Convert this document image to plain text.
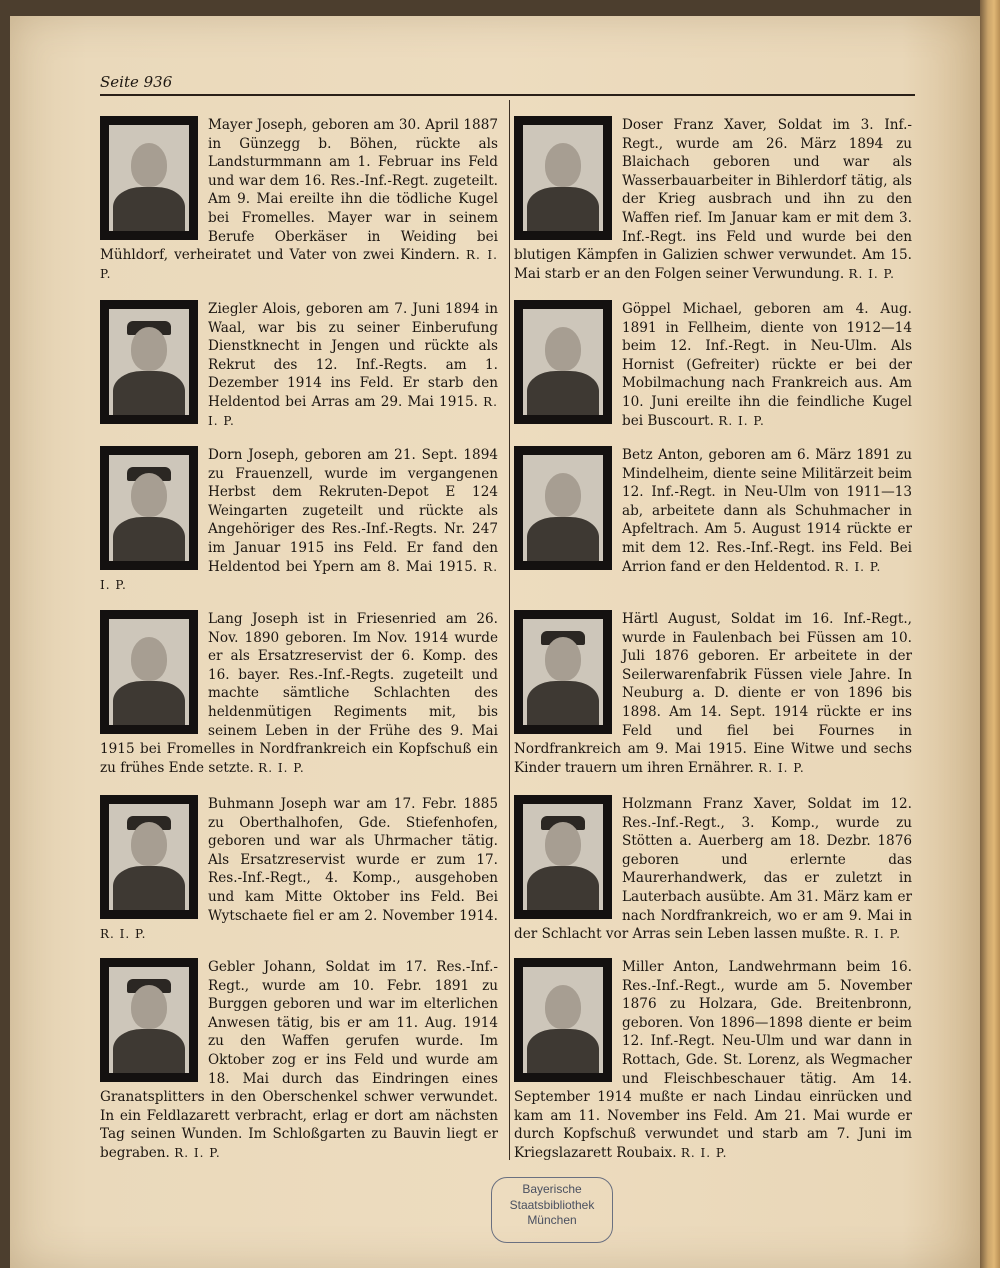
Seite 936
Mayer Joseph, geboren am 30. April 1887 in Günzegg b. Böhen, rückte als Landsturmmann am 1. Februar ins Feld und war dem 16. Res.-Inf.-Regt. zugeteilt. Am 9. Mai ereilte ihn die tödliche Kugel bei Fromelles. Mayer war in seinem Berufe Oberkäser in Weiding bei Mühldorf, verheiratet und Vater von zwei Kindern. R. I. P.
Ziegler Alois, geboren am 7. Juni 1894 in Waal, war bis zu seiner Einberufung Dienstknecht in Jengen und rückte als Rekrut des 12. Inf.-Regts. am 1. Dezember 1914 ins Feld. Er starb den Heldentod bei Arras am 29. Mai 1915. R. I. P.
Dorn Joseph, geboren am 21. Sept. 1894 zu Frauenzell, wurde im vergangenen Herbst dem Rekruten-Depot E 124 Weingarten zugeteilt und rückte als Angehöriger des Res.-Inf.-Regts. Nr. 247 im Januar 1915 ins Feld. Er fand den Heldentod bei Ypern am 8. Mai 1915. R. I. P.
Lang Joseph ist in Friesenried am 26. Nov. 1890 geboren. Im Nov. 1914 wurde er als Ersatzreservist der 6. Komp. des 16. bayer. Res.-Inf.-Regts. zugeteilt und machte sämtliche Schlachten des heldenmütigen Regiments mit, bis seinem Leben in der Frühe des 9. Mai 1915 bei Fromelles in Nordfrankreich ein Kopfschuß ein zu frühes Ende setzte. R. I. P.
Buhmann Joseph war am 17. Febr. 1885 zu Oberthalhofen, Gde. Stiefenhofen, geboren und war als Uhrmacher tätig. Als Ersatzreservist wurde er zum 17. Res.-Inf.-Regt., 4. Komp., ausgehoben und kam Mitte Oktober ins Feld. Bei Wytschaete fiel er am 2. November 1914. R. I. P.
Gebler Johann, Soldat im 17. Res.-Inf.-Regt., wurde am 10. Febr. 1891 zu Burggen geboren und war im elterlichen Anwesen tätig, bis er am 11. Aug. 1914 zu den Waffen gerufen wurde. Im Oktober zog er ins Feld und wurde am 18. Mai durch das Eindringen eines Granatsplitters in den Oberschenkel schwer verwundet. In ein Feldlazarett verbracht, erlag er dort am nächsten Tag seinen Wunden. Im Schloßgarten zu Bauvin liegt er begraben. R. I. P.
Doser Franz Xaver, Soldat im 3. Inf.-Regt., wurde am 26. März 1894 zu Blaichach geboren und war als Wasserbauarbeiter in Bihlerdorf tätig, als der Krieg ausbrach und ihn zu den Waffen rief. Im Januar kam er mit dem 3. Inf.-Regt. ins Feld und wurde bei den blutigen Kämpfen in Galizien schwer verwundet. Am 15. Mai starb er an den Folgen seiner Verwundung. R. I. P.
Göppel Michael, geboren am 4. Aug. 1891 in Fellheim, diente von 1912—14 beim 12. Inf.-Regt. in Neu-Ulm. Als Hornist (Gefreiter) rückte er bei der Mobilmachung nach Frankreich aus. Am 10. Juni ereilte ihn die feindliche Kugel bei Buscourt. R. I. P.
Betz Anton, geboren am 6. März 1891 zu Mindelheim, diente seine Militärzeit beim 12. Inf.-Regt. in Neu-Ulm von 1911—13 ab, arbeitete dann als Schuhmacher in Apfeltrach. Am 5. August 1914 rückte er mit dem 12. Res.-Inf.-Regt. ins Feld. Bei Arrion fand er den Heldentod. R. I. P.
Härtl August, Soldat im 16. Inf.-Regt., wurde in Faulenbach bei Füssen am 10. Juli 1876 geboren. Er arbeitete in der Seilerwarenfabrik Füssen viele Jahre. In Neuburg a. D. diente er von 1896 bis 1898. Am 14. Sept. 1914 rückte er ins Feld und fiel bei Fournes in Nordfrankreich am 9. Mai 1915. Eine Witwe und sechs Kinder trauern um ihren Ernährer. R. I. P.
Holzmann Franz Xaver, Soldat im 12. Res.-Inf.-Regt., 3. Komp., wurde zu Stötten a. Auerberg am 18. Dezbr. 1876 geboren und erlernte das Maurerhandwerk, das er zuletzt in Lauterbach ausübte. Am 31. März kam er nach Nordfrankreich, wo er am 9. Mai in der Schlacht vor Arras sein Leben lassen mußte. R. I. P.
Miller Anton, Landwehrmann beim 16. Res.-Inf.-Regt., wurde am 5. November 1876 zu Holzara, Gde. Breitenbronn, geboren. Von 1896—1898 diente er beim 12. Inf.-Regt. Neu-Ulm und war dann in Rottach, Gde. St. Lorenz, als Wegmacher und Fleischbeschauer tätig. Am 14. September 1914 mußte er nach Lindau einrücken und kam am 11. November ins Feld. Am 21. Mai wurde er durch Kopfschuß verwundet und starb am 7. Juni im Kriegslazarett Roubaix. R. I. P.
Bayerische
Staatsbibliothek
München
